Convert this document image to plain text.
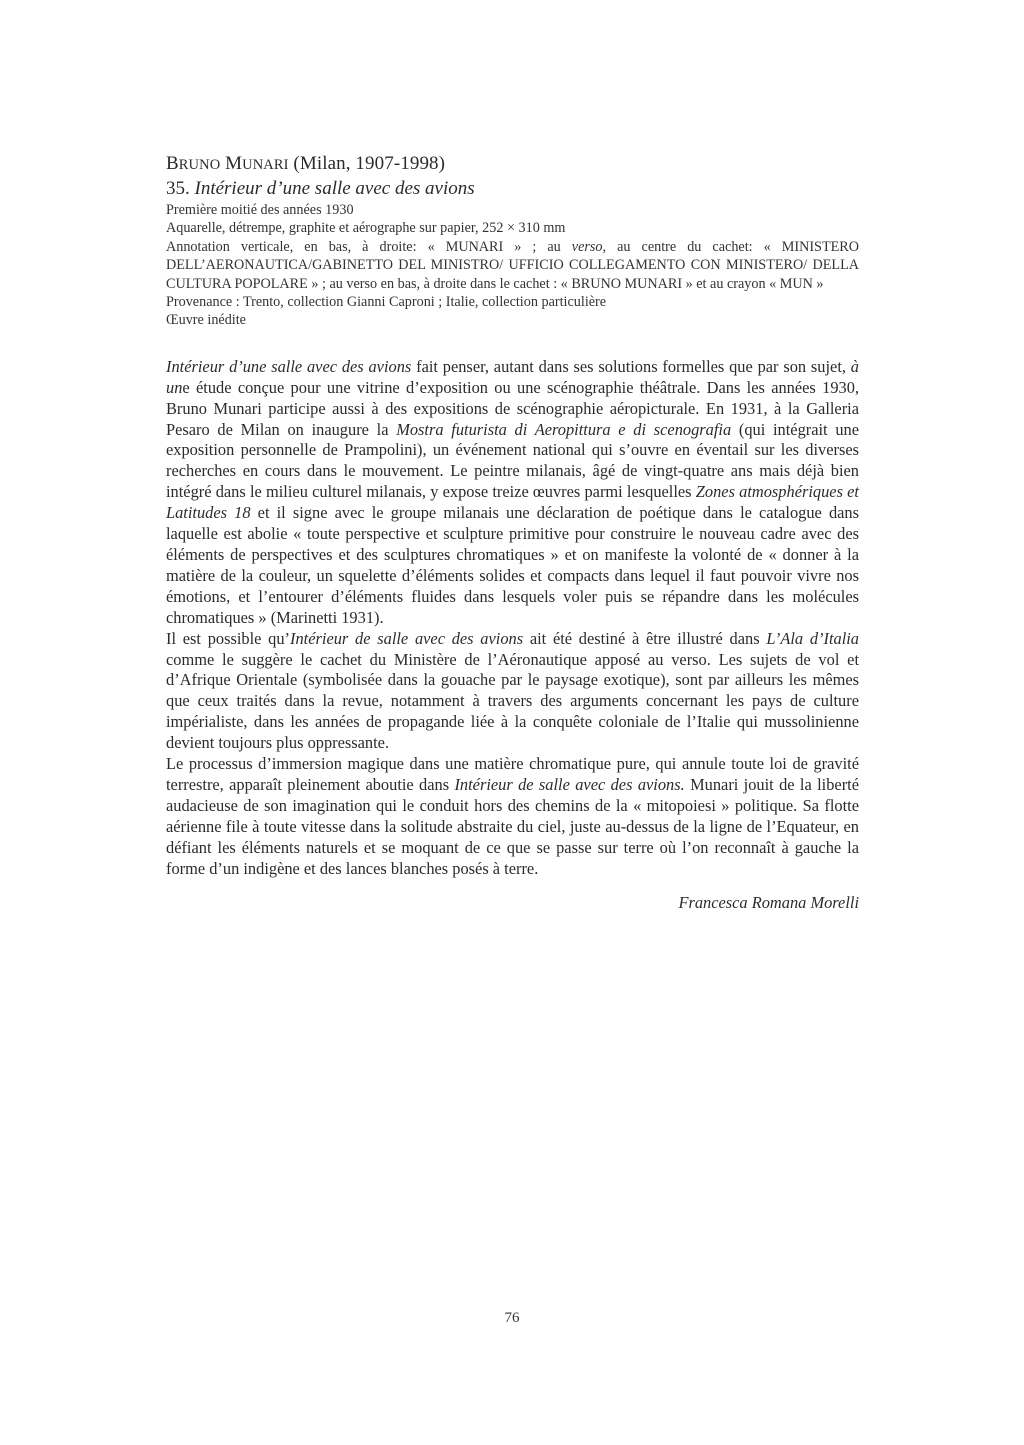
BRUNO MUNARI (Milan, 1907-1998)
35. Intérieur d’une salle avec des avions
Première moitié des années 1930
Aquarelle, détrempe, graphite et aérographe sur papier, 252 × 310 mm
Annotation verticale, en bas, à droite: « MUNARI » ; au verso, au centre du cachet: « MINISTERO DELL’AERONAUTICA/GABINETTO DEL MINISTRO/ UFFICIO COLLEGAMENTO CON MINISTERO/ DELLA CULTURA POPOLARE » ; au verso en bas, à droite dans le cachet : « BRUNO MUNARI » et au crayon « MUN »
Provenance : Trento, collection Gianni Caproni ; Italie, collection particulière
Œuvre inédite

Intérieur d’une salle avec des avions fait penser, autant dans ses solutions formelles que par son sujet, à une étude conçue pour une vitrine d’exposition ou une scénographie théâtrale. Dans les années 1930, Bruno Munari participe aussi à des expositions de scénographie aéropicturale. En 1931, à la Galleria Pesaro de Milan on inaugure la Mostra futurista di Aeropittura e di scenografia (qui intégrait une exposition personnelle de Prampolini), un événement national qui s’ouvre en éventail sur les diverses recherches en cours dans le mouvement. Le peintre milanais, âgé de vingt-quatre ans mais déjà bien intégré dans le milieu culturel milanais, y expose treize œuvres parmi lesquelles Zones atmosphériques et Latitudes 18 et il signe avec le groupe milanais une déclaration de poétique dans le catalogue dans laquelle est abolie « toute perspective et sculpture primitive pour construire le nouveau cadre avec des éléments de perspectives et des sculptures chromatiques » et on manifeste la volonté de « donner à la matière de la couleur, un squelette d’éléments solides et compacts dans lequel il faut pouvoir vivre nos émotions, et l’entourer d’éléments fluides dans lesquels voler puis se répandre dans les molécules chromatiques » (Marinetti 1931).

Il est possible qu’Intérieur de salle avec des avions ait été destiné à être illustré dans L’Ala d’Italia comme le suggère le cachet du Ministère de l’Aéronautique apposé au verso. Les sujets de vol et d’Afrique Orientale (symbolisée dans la gouache par le paysage exotique), sont par ailleurs les mêmes que ceux traités dans la revue, notamment à travers des arguments concernant les pays de culture impérialiste, dans les années de propagande liée à la conquête coloniale de l’Italie qui mussolinienne devient toujours plus oppressante.

Le processus d’immersion magique dans une matière chromatique pure, qui annule toute loi de gravité terrestre, apparaît pleinement aboutie dans Intérieur de salle avec des avions. Munari jouit de la liberté audacieuse de son imagination qui le conduit hors des chemins de la « mitopoiesi » politique. Sa flotte aérienne file à toute vitesse dans la solitude abstraite du ciel, juste au-dessus de la ligne de l’Equateur, en défiant les éléments naturels et se moquant de ce que se passe sur terre où l’on reconnaît à gauche la forme d’un indigène et des lances blanches posés à terre.

Francesca Romana Morelli
76
